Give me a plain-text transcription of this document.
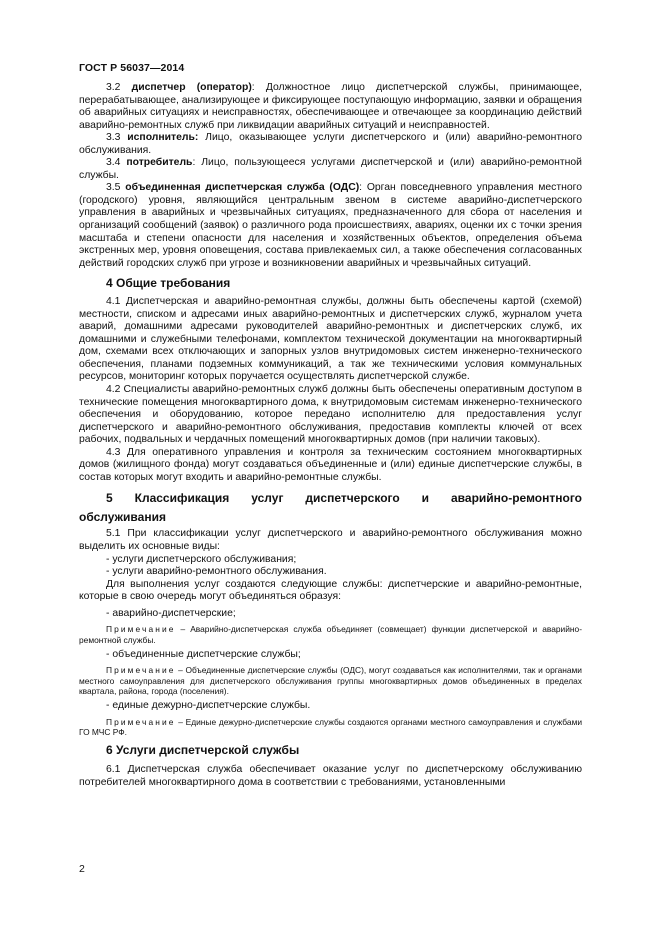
ГОСТ Р 56037—2014

3.2 диспетчер (оператор): Должностное лицо диспетчерской службы, принимающее, перерабатывающее, анализирующее и фиксирующее поступающую информацию, заявки и обращения об аварийных ситуациях и неисправностях, обеспечивающее и отвечающее за координацию действий аварийно-ремонтных служб при ликвидации аварийных ситуаций и неисправностей.

3.3 исполнитель: Лицо, оказывающее услуги диспетчерского и (или) аварийно-ремонтного обслуживания.

3.4 потребитель: Лицо, пользующееся услугами диспетчерской и (или) аварийно-ремонтной службы.

3.5 объединенная диспетчерская служба (ОДС): Орган повседневного управления местного (городского) уровня, являющийся центральным звеном в системе аварийно-диспетчерского управления в аварийных и чрезвычайных ситуациях, предназначенного для сбора от населения и организаций сообщений (заявок) о различного рода происшествиях, авариях, оценки их с точки зрения масштаба и степени опасности для населения и хозяйственных объектов, определения объема экстренных мер, уровня оповещения, состава привлекаемых сил, а также обеспечения согласованных действий городских служб при угрозе и возникновении аварийных и чрезвычайных ситуаций.

4 Общие требования

4.1 Диспетчерская и аварийно-ремонтная службы, должны быть обеспечены картой (схемой) местности, списком и адресами иных аварийно-ремонтных и диспетчерских служб, журналом учета аварий, домашними адресами руководителей аварийно-ремонтных и диспетчерских служб, их домашними и служебными телефонами, комплектом технической документации на многоквартирный дом, схемами всех отключающих и запорных узлов внутридомовых систем инженерно-технического обеспечения, планами подземных коммуникаций, а так же техническими условия коммунальных ресурсов, мониторинг которых поручается осуществлять диспетчерской службе.

4.2 Специалисты аварийно-ремонтных служб должны быть обеспечены оперативным доступом в технические помещения многоквартирного дома, к внутридомовым системам инженерно-технического обеспечения и оборудованию, которое передано исполнителю для предоставления услуг диспетчерского и аварийно-ремонтного обслуживания, предоставив комплекты ключей от всех рабочих, подвальных и чердачных помещений многоквартирных домов (при наличии таковых).

4.3 Для оперативного управления и контроля за техническим состоянием многоквартирных домов (жилищного фонда) могут создаваться объединенные и (или) единые диспетчерские службы, в состав которых могут входить и аварийно-ремонтные службы.

5 Классификация услуг диспетчерского и аварийно-ремонтного

обслуживания

5.1 При классификации услуг диспетчерского и аварийно-ремонтного обслуживания можно выделить их основные виды:

- услуги диспетчерского обслуживания;

- услуги аварийно-ремонтного обслуживания.

Для выполнения услуг создаются следующие службы: диспетчерские и аварийно-ремонтные, которые в свою очередь могут объединяться образуя:

- аварийно-диспетчерские;

Примечание – Аварийно-диспетчерская служба объединяет (совмещает) функции диспетчерской и аварийно-ремонтной службы.

- объединенные диспетчерские службы;

Примечание – Объединенные диспетчерские службы (ОДС), могут создаваться как исполнителями, так и органами местного самоуправления для диспетчерского обслуживания группы многоквартирных домов объединенных в пределах квартала, района, города (поселения).

- единые дежурно-диспетчерские службы.

Примечание – Единые дежурно-диспетчерские службы создаются органами местного самоуправления и службами ГО МЧС РФ.

6 Услуги диспетчерской службы

6.1 Диспетчерская служба обеспечивает оказание услуг по диспетчерскому обслуживанию потребителей многоквартирного дома в соответствии с требованиями, установленными

2
